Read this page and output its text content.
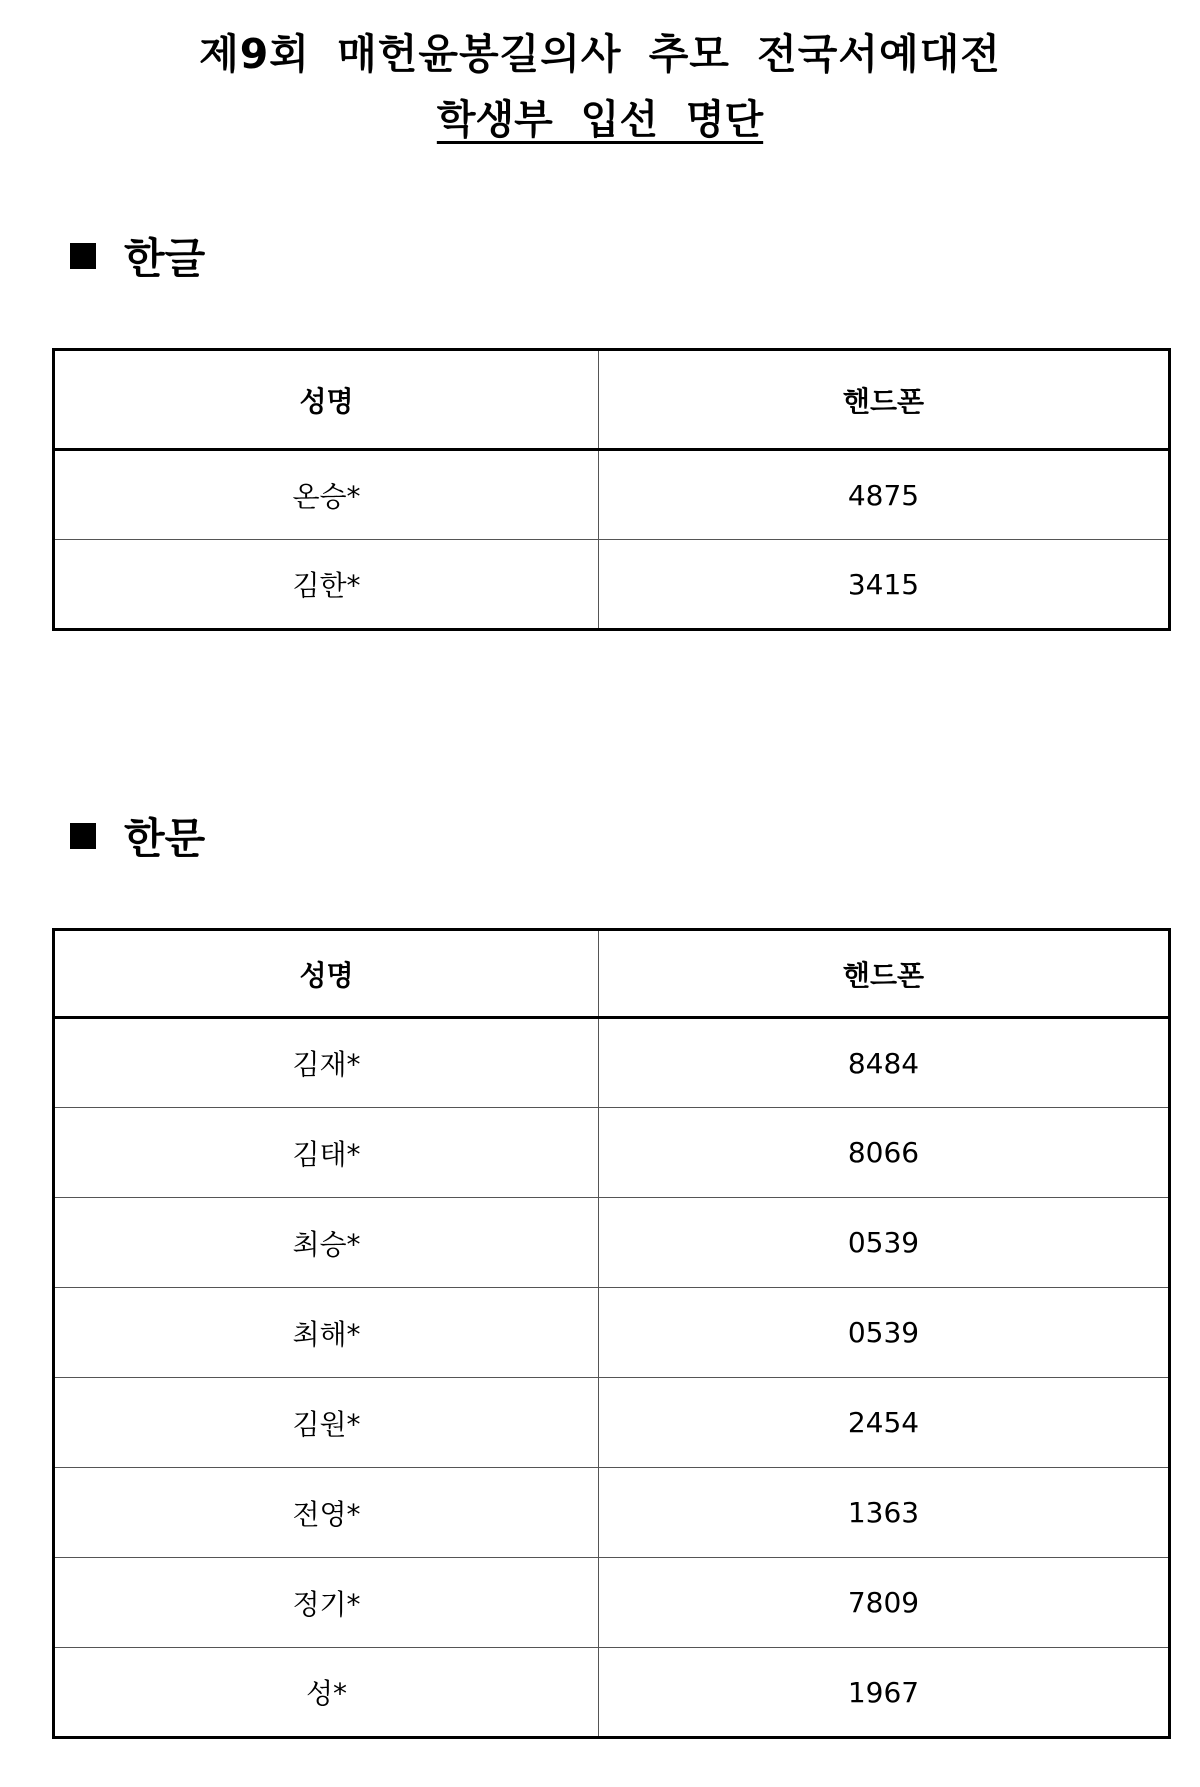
제9회 매헌윤봉길의사 추모 전국서예대전
학생부 입선 명단
한글
성명	핸드폰
온승*	4875
김한*	3415
한문
성명	핸드폰
김재*	8484
김태*	8066
최승*	0539
최해*	0539
김원*	2454
전영*	1363
정기*	7809
성*	1967
